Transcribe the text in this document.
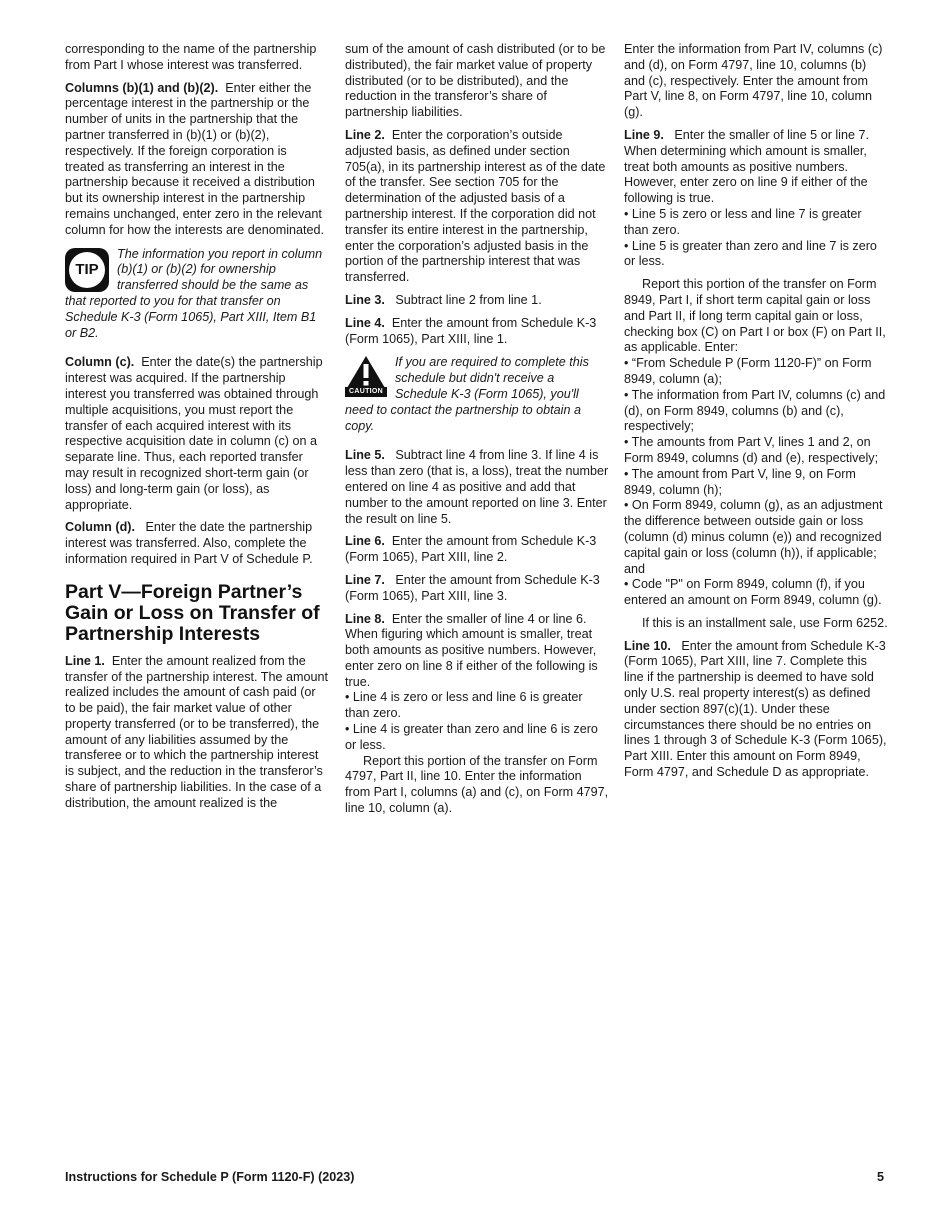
corresponding to the name of the partnership from Part I whose interest was transferred.

Columns (b)(1) and (b)(2). Enter either the percentage interest in the partnership or the number of units in the partnership that the partner transferred in (b)(1) or (b)(2), respectively. If the foreign corporation is treated as transferring an interest in the partnership because it received a distribution but its ownership interest in the partnership remains unchanged, enter zero in the relevant column for how the interests are denominated.

TIP
The information you report in column (b)(1) or (b)(2) for ownership transferred should be the same as that reported to you for that transfer on Schedule K-3 (Form 1065), Part XIII, Item B1 or B2.

Column (c). Enter the date(s) the partnership interest was acquired. If the partnership interest you transferred was obtained through multiple acquisitions, you must report the transfer of each acquired interest with its respective acquisition date in column (c) on a separate line. Thus, each reported transfer may result in recognized short-term gain (or loss) and long-term gain (or loss), as appropriate.

Column (d). Enter the date the partnership interest was transferred. Also, complete the information required in Part V of Schedule P.

Part V—Foreign Partner’s Gain or Loss on Transfer of Partnership Interests

Line 1. Enter the amount realized from the transfer of the partnership interest. The amount realized includes the amount of cash paid (or to be paid), the fair market value of other property transferred (or to be transferred), the amount of any liabilities assumed by the transferee or to which the partnership interest is subject, and the reduction in the transferor’s share of partnership liabilities. In the case of a distribution, the amount realized is the

sum of the amount of cash distributed (or to be distributed), the fair market value of property distributed (or to be distributed), and the reduction in the transferor’s share of partnership liabilities.

Line 2. Enter the corporation’s outside adjusted basis, as defined under section 705(a), in its partnership interest as of the date of the transfer. See section 705 for the determination of the adjusted basis of a partnership interest. If the corporation did not transfer its entire interest in the partnership, enter the corporation’s adjusted basis in the portion of the partnership interest that was transferred.

Line 3. Subtract line 2 from line 1.

Line 4. Enter the amount from Schedule K-3 (Form 1065), Part XIII, line 1.

CAUTION
If you are required to complete this schedule but didn't receive a Schedule K-3 (Form 1065), you'll need to contact the partnership to obtain a copy.

Line 5. Subtract line 4 from line 3. If line 4 is less than zero (that is, a loss), treat the number entered on line 4 as positive and add that number to the amount reported on line 3. Enter the result on line 5.

Line 6. Enter the amount from Schedule K-3 (Form 1065), Part XIII, line 2.

Line 7. Enter the amount from Schedule K-3 (Form 1065), Part XIII, line 3.

Line 8. Enter the smaller of line 4 or line 6. When figuring which amount is smaller, treat both amounts as positive numbers. However, enter zero on line 8 if either of the following is true.

• Line 4 is zero or less and line 6 is greater than zero.

• Line 4 is greater than zero and line 6 is zero or less.

Report this portion of the transfer on Form 4797, Part II, line 10. Enter the information from Part I, columns (a) and (c), on Form 4797, line 10, column (a).

Enter the information from Part IV, columns (c) and (d), on Form 4797, line 10, columns (b) and (c), respectively. Enter the amount from Part V, line 8, on Form 4797, line 10, column (g).

Line 9. Enter the smaller of line 5 or line 7. When determining which amount is smaller, treat both amounts as positive numbers. However, enter zero on line 9 if either of the following is true.

• Line 5 is zero or less and line 7 is greater than zero.

• Line 5 is greater than zero and line 7 is zero or less.

Report this portion of the transfer on Form 8949, Part I, if short term capital gain or loss and Part II, if long term capital gain or loss, checking box (C) on Part I or box (F) on Part II, as applicable. Enter:

• “From Schedule P (Form 1120-F)” on Form 8949, column (a);

• The information from Part IV, columns (c) and (d), on Form 8949, columns (b) and (c), respectively;

• The amounts from Part V, lines 1 and 2, on Form 8949, columns (d) and (e), respectively;

• The amount from Part V, line 9, on Form 8949, column (h);

• On Form 8949, column (g), as an adjustment the difference between outside gain or loss (column (d) minus column (e)) and recognized capital gain or loss (column (h)), if applicable; and

• Code "P" on Form 8949, column (f), if you entered an amount on Form 8949, column (g).

If this is an installment sale, use Form 6252.

Line 10. Enter the amount from Schedule K-3 (Form 1065), Part XIII, line 7. Complete this line if the partnership is deemed to have sold only U.S. real property interest(s) as defined under section 897(c)(1). Under these circumstances there should be no entries on lines 1 through 3 of Schedule K-3 (Form 1065), Part XIII. Enter this amount on Form 8949, Form 4797, and Schedule D as appropriate.

Instructions for Schedule P (Form 1120-F) (2023)	5
